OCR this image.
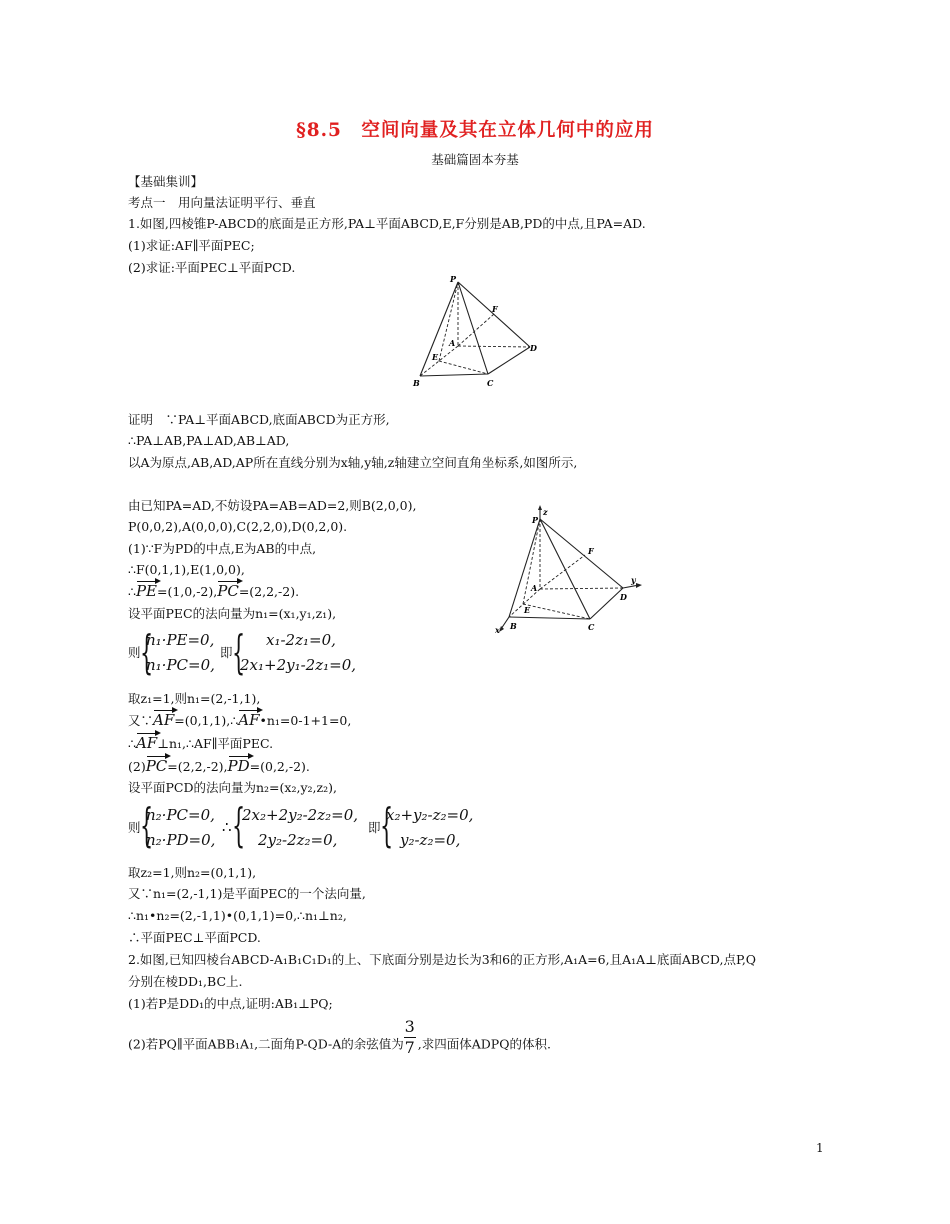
§8.5　空间向量及其在立体几何中的应用
基础篇固本夯基
【基础集训】
考点一　用向量法证明平行、垂直
1.如图,四棱锥P-ABCD的底面是正方形,PA⊥平面ABCD,E,F分别是AB,PD的中点,且PA=AD.
(1)求证:AF∥平面PEC;
(2)求证:平面PEC⊥平面PCD.
P
F
A	D
E
B	C
证明　∵PA⊥平面ABCD,底面ABCD为正方形,
∴PA⊥AB,PA⊥AD,AB⊥AD,
以A为原点,AB,AD,AP所在直线分别为x轴,y轴,z轴建立空间直角坐标系,如图所示,
由已知PA=AD,不妨设PA=AB=AD=2,则B(2,0,0),
P(0,0,2),A(0,0,0),C(2,2,0),D(0,2,0).
(1)∵F为PD的中点,E为AB的中点,
∴F(0,1,1),E(1,0,0),
∴PE=(1,0,-2),PC=(2,2,-2).
设平面PEC的法向量为n₁=(x₁,y₁,z₁),
则 {
n₁·PE=0,
n₁·PC=0,
即 { x₁-2z₁=0,
2x₁+2y₁-2z₁=0,
z
P
F
A
y
D
E
B	C
x
取z₁=1,则n₁=(2,-1,1),
又∵AF=(0,1,1),∴AF•n₁=0-1+1=0,
∴AF⊥n₁,∴AF∥平面PEC.
(2)PC=(2,2,-2),PD=(0,2,-2).
设平面PCD的法向量为n₂=(x₂,y₂,z₂),
则 {
n₂·PC=0,
n₂·PD=0,
∴ {
2x₂+2y₂-2z₂=0,
2y₂-2z₂=0,
即 {
x₂+y₂-z₂=0,
y₂-z₂=0,
取z₂=1,则n₂=(0,1,1),
又∵n₁=(2,-1,1)是平面PEC的一个法向量,
∴n₁•n₂=(2,-1,1)•(0,1,1)=0,∴n₁⊥n₂,
∴平面PEC⊥平面PCD.
2.如图,已知四棱台ABCD-A₁B₁C₁D₁的上、下底面分别是边长为3和6的正方形,A₁A=6,且A₁A⊥底面ABCD,点P,Q
分别在棱DD₁,BC上.
(1)若P是DD₁的中点,证明:AB₁⊥PQ;
(2)若PQ∥平面ABB₁A₁,二面角P-QD-A的余弦值为
3
7 ,求四面体ADPQ的体积.
1
